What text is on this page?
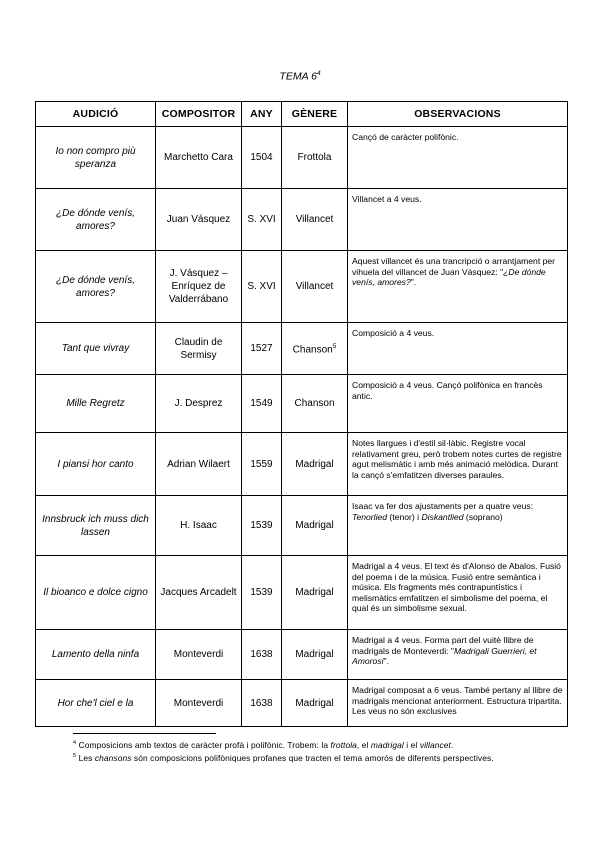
TEMA $6^4$
AUDICIÓ	COMPOSITOR	ANY	GÈNERE	OBSERVACIONS
Io non compro più speranza	Marchetto Cara	1504	Frottola	Cançó de caràcter polifònic.
¿De dónde venís, amores?	Juan Vásquez	S. XVI	Villancet	Villancet a 4 veus.
¿De dónde venís, amores?	J. Vásquez – Enríquez de Valderrábano	S. XVI	Villancet	Aquest villancet és una trancripció o arrantjament per vihuela del villancet de Juan Vásquez: "¿De dónde venís, amores?".
Tant que vivray	Claudin de Sermisy	1527	Chanson$^5$	Composició a 4 veus.
Mille Regretz	J. Desprez	1549	Chanson	Composició a 4 veus. Cançó polifònica en francès antic.
I piansi hor canto	Adrian Wilaert	1559	Madrigal	Notes llargues i d'estil sil·làbic. Registre vocal relativament greu, però trobem notes curtes de registre agut melismàtic i amb més animació melòdica. Durant la cançó s'emfatitzen diverses paraules.
Innsbruck ich muss dich lassen	H. Isaac	1539	Madrigal	Isaac va fer dos ajustaments per a quatre veus: Tenorlied (tenor) i Diskantlied (soprano)
Il bioanco e dolce cigno	Jacques Arcadelt	1539	Madrigal	Madrigal a 4 veus. El text és d'Alonso de Abalos. Fusió del poema i de la música. Fusió entre semàntica i música. Els fragments més contrapuntístics i melismàtics emfatitzen el simbolisme del poema, el qual és un simbolisme sexual.
Lamento della ninfa	Monteverdi	1638	Madrigal	Madrigal a 4 veus. Forma part del vuitè llibre de madrigals de Monteverdi: "Madrigali Guerrieri, et Amorosi".
Hor che'l ciel e la	Monteverdi	1638	Madrigal	Madrigal composat a 6 veus. També pertany al llibre de madrigals mencionat anteriorment. Estructura tripartita. Les veus no són exclusives
$^4$ Composicions amb textos de caràcter profà i polifònic. Trobem: la frottola, el madrigal i el villancet.
$^5$ Les chansons són composicions polifòniques profanes que tracten el tema amorós de diferents perspectives.
